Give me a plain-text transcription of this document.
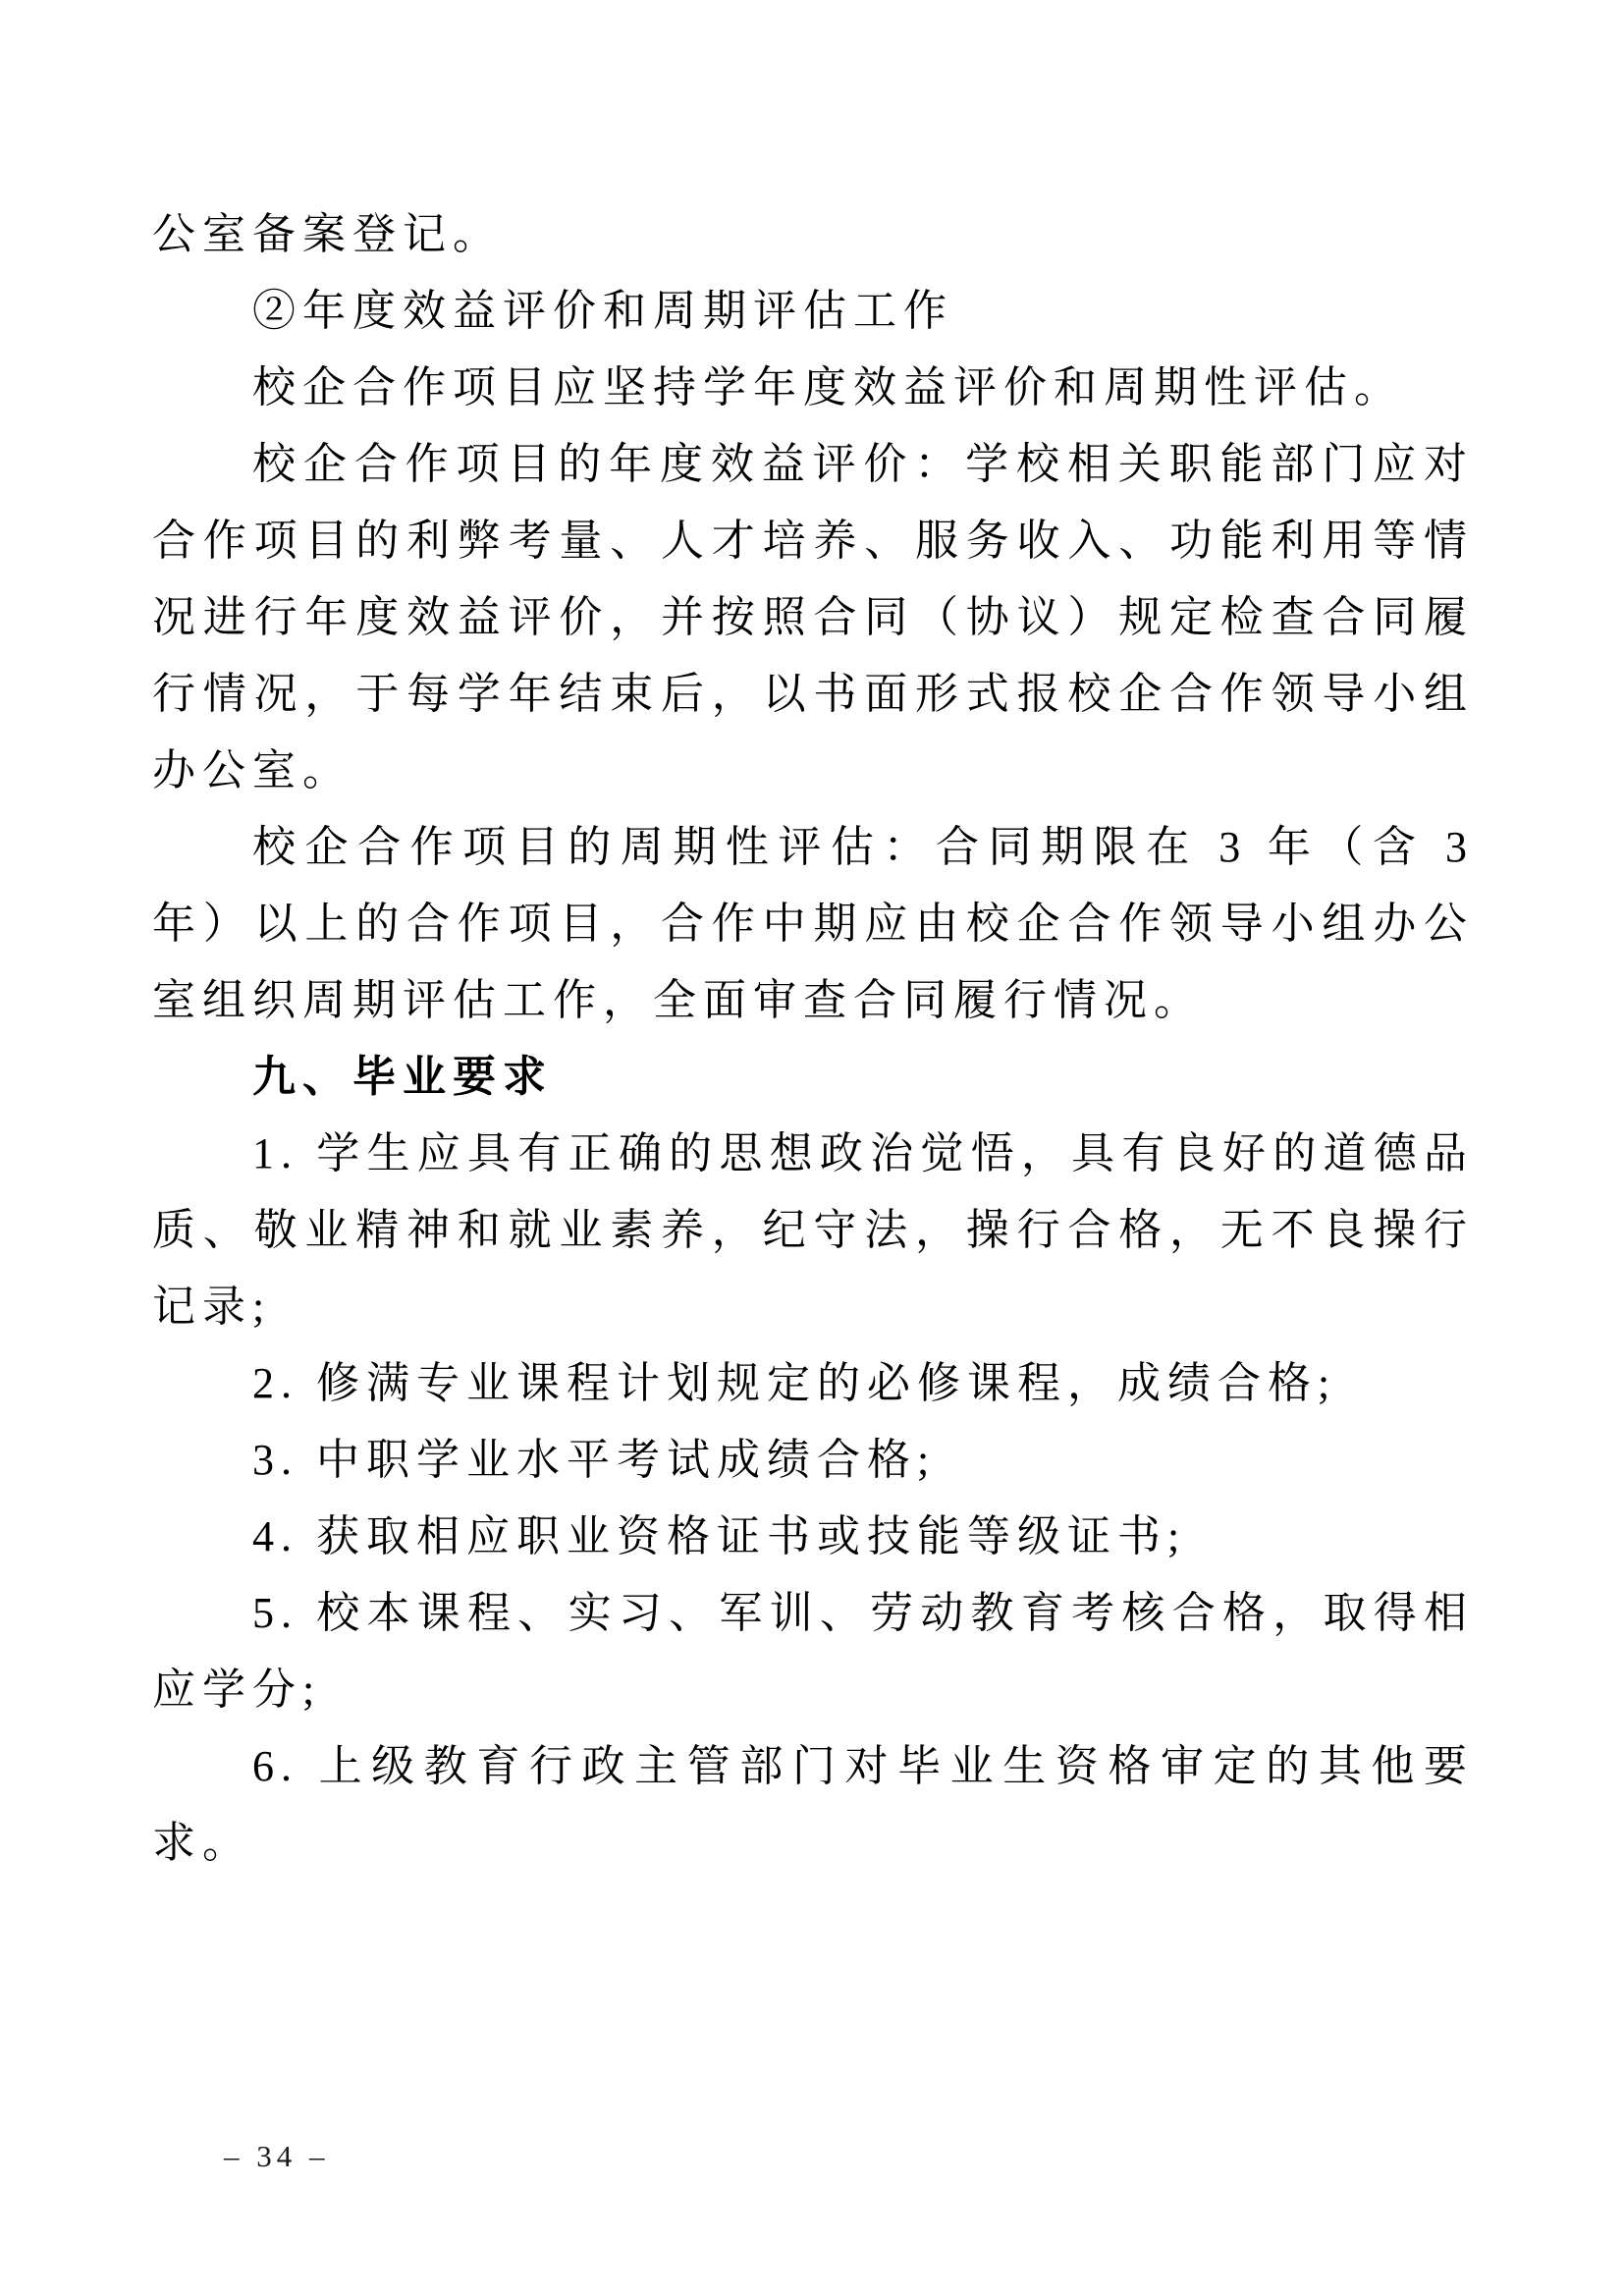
公室备案登记。

②年度效益评价和周期评估工作

校企合作项目应坚持学年度效益评价和周期性评估。

校企合作项目的年度效益评价：学校相关职能部门应对合作项目的利弊考量、人才培养、服务收入、功能利用等情况进行年度效益评价，并按照合同（协议）规定检查合同履行情况，于每学年结束后，以书面形式报校企合作领导小组办公室。

校企合作项目的周期性评估：合同期限在 3 年（含 3 年）以上的合作项目，合作中期应由校企合作领导小组办公室组织周期评估工作，全面审查合同履行情况。

九、毕业要求

1. 学生应具有正确的思想政治觉悟，具有良好的道德品质、敬业精神和就业素养，纪守法，操行合格，无不良操行记录;

2. 修满专业课程计划规定的必修课程，成绩合格;

3. 中职学业水平考试成绩合格;

4. 获取相应职业资格证书或技能等级证书;

5. 校本课程、实习、军训、劳动教育考核合格，取得相应学分;

6. 上级教育行政主管部门对毕业生资格审定的其他要求。

– 34 –
